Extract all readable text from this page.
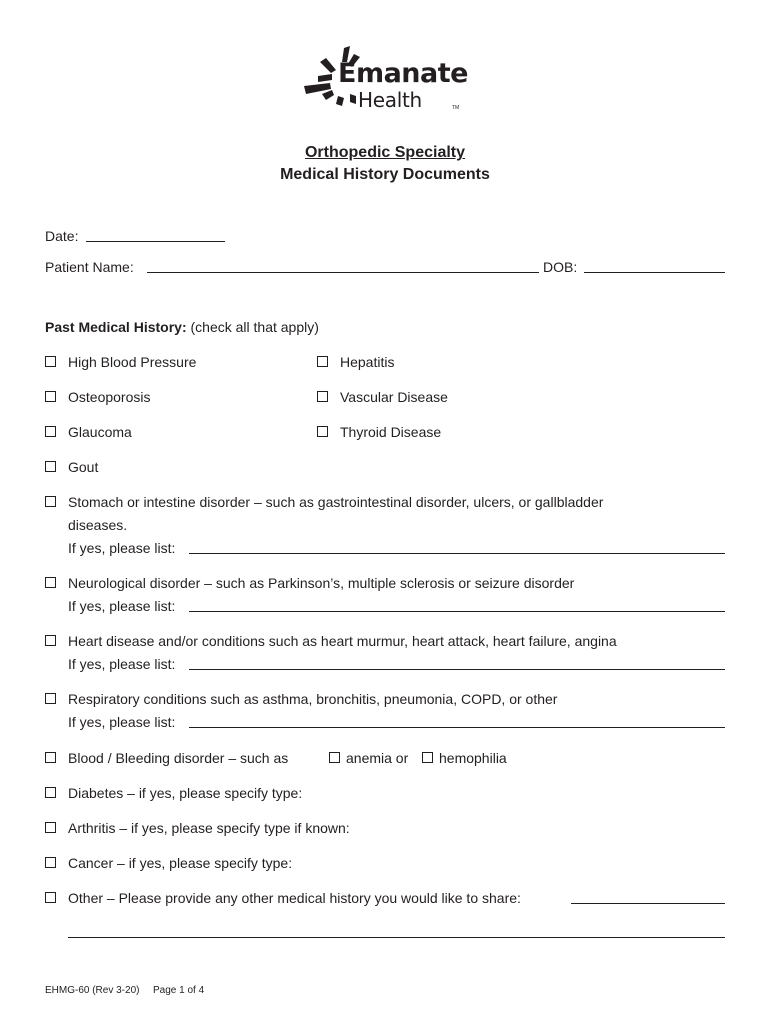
Emanate
Health	TM
Orthopedic Specialty
Medical History Documents
Date:
Patient Name:	DOB:
Past Medical History: (check all that apply)
High Blood Pressure
Osteoporosis
Glaucoma
Gout
Hepatitis
Vascular Disease
Thyroid Disease
Stomach or intestine disorder – such as gastrointestinal disorder, ulcers, or gallbladder
diseases.
If yes, please list:
Neurological disorder – such as Parkinson’s, multiple sclerosis or seizure disorder
If yes, please list:
Heart disease and/or conditions such as heart murmur, heart attack, heart failure, angina
If yes, please list:
Respiratory conditions such as asthma, bronchitis, pneumonia, COPD, or other
If yes, please list:
Blood / Bleeding disorder – such as	anemia or hemophilia
Diabetes – if yes, please specify type:
Arthritis – if yes, please specify type if known:
Cancer – if yes, please specify type:
Other – Please provide any other medical history you would like to share:
EHMG-60 (Rev 3-20) Page 1 of 4
